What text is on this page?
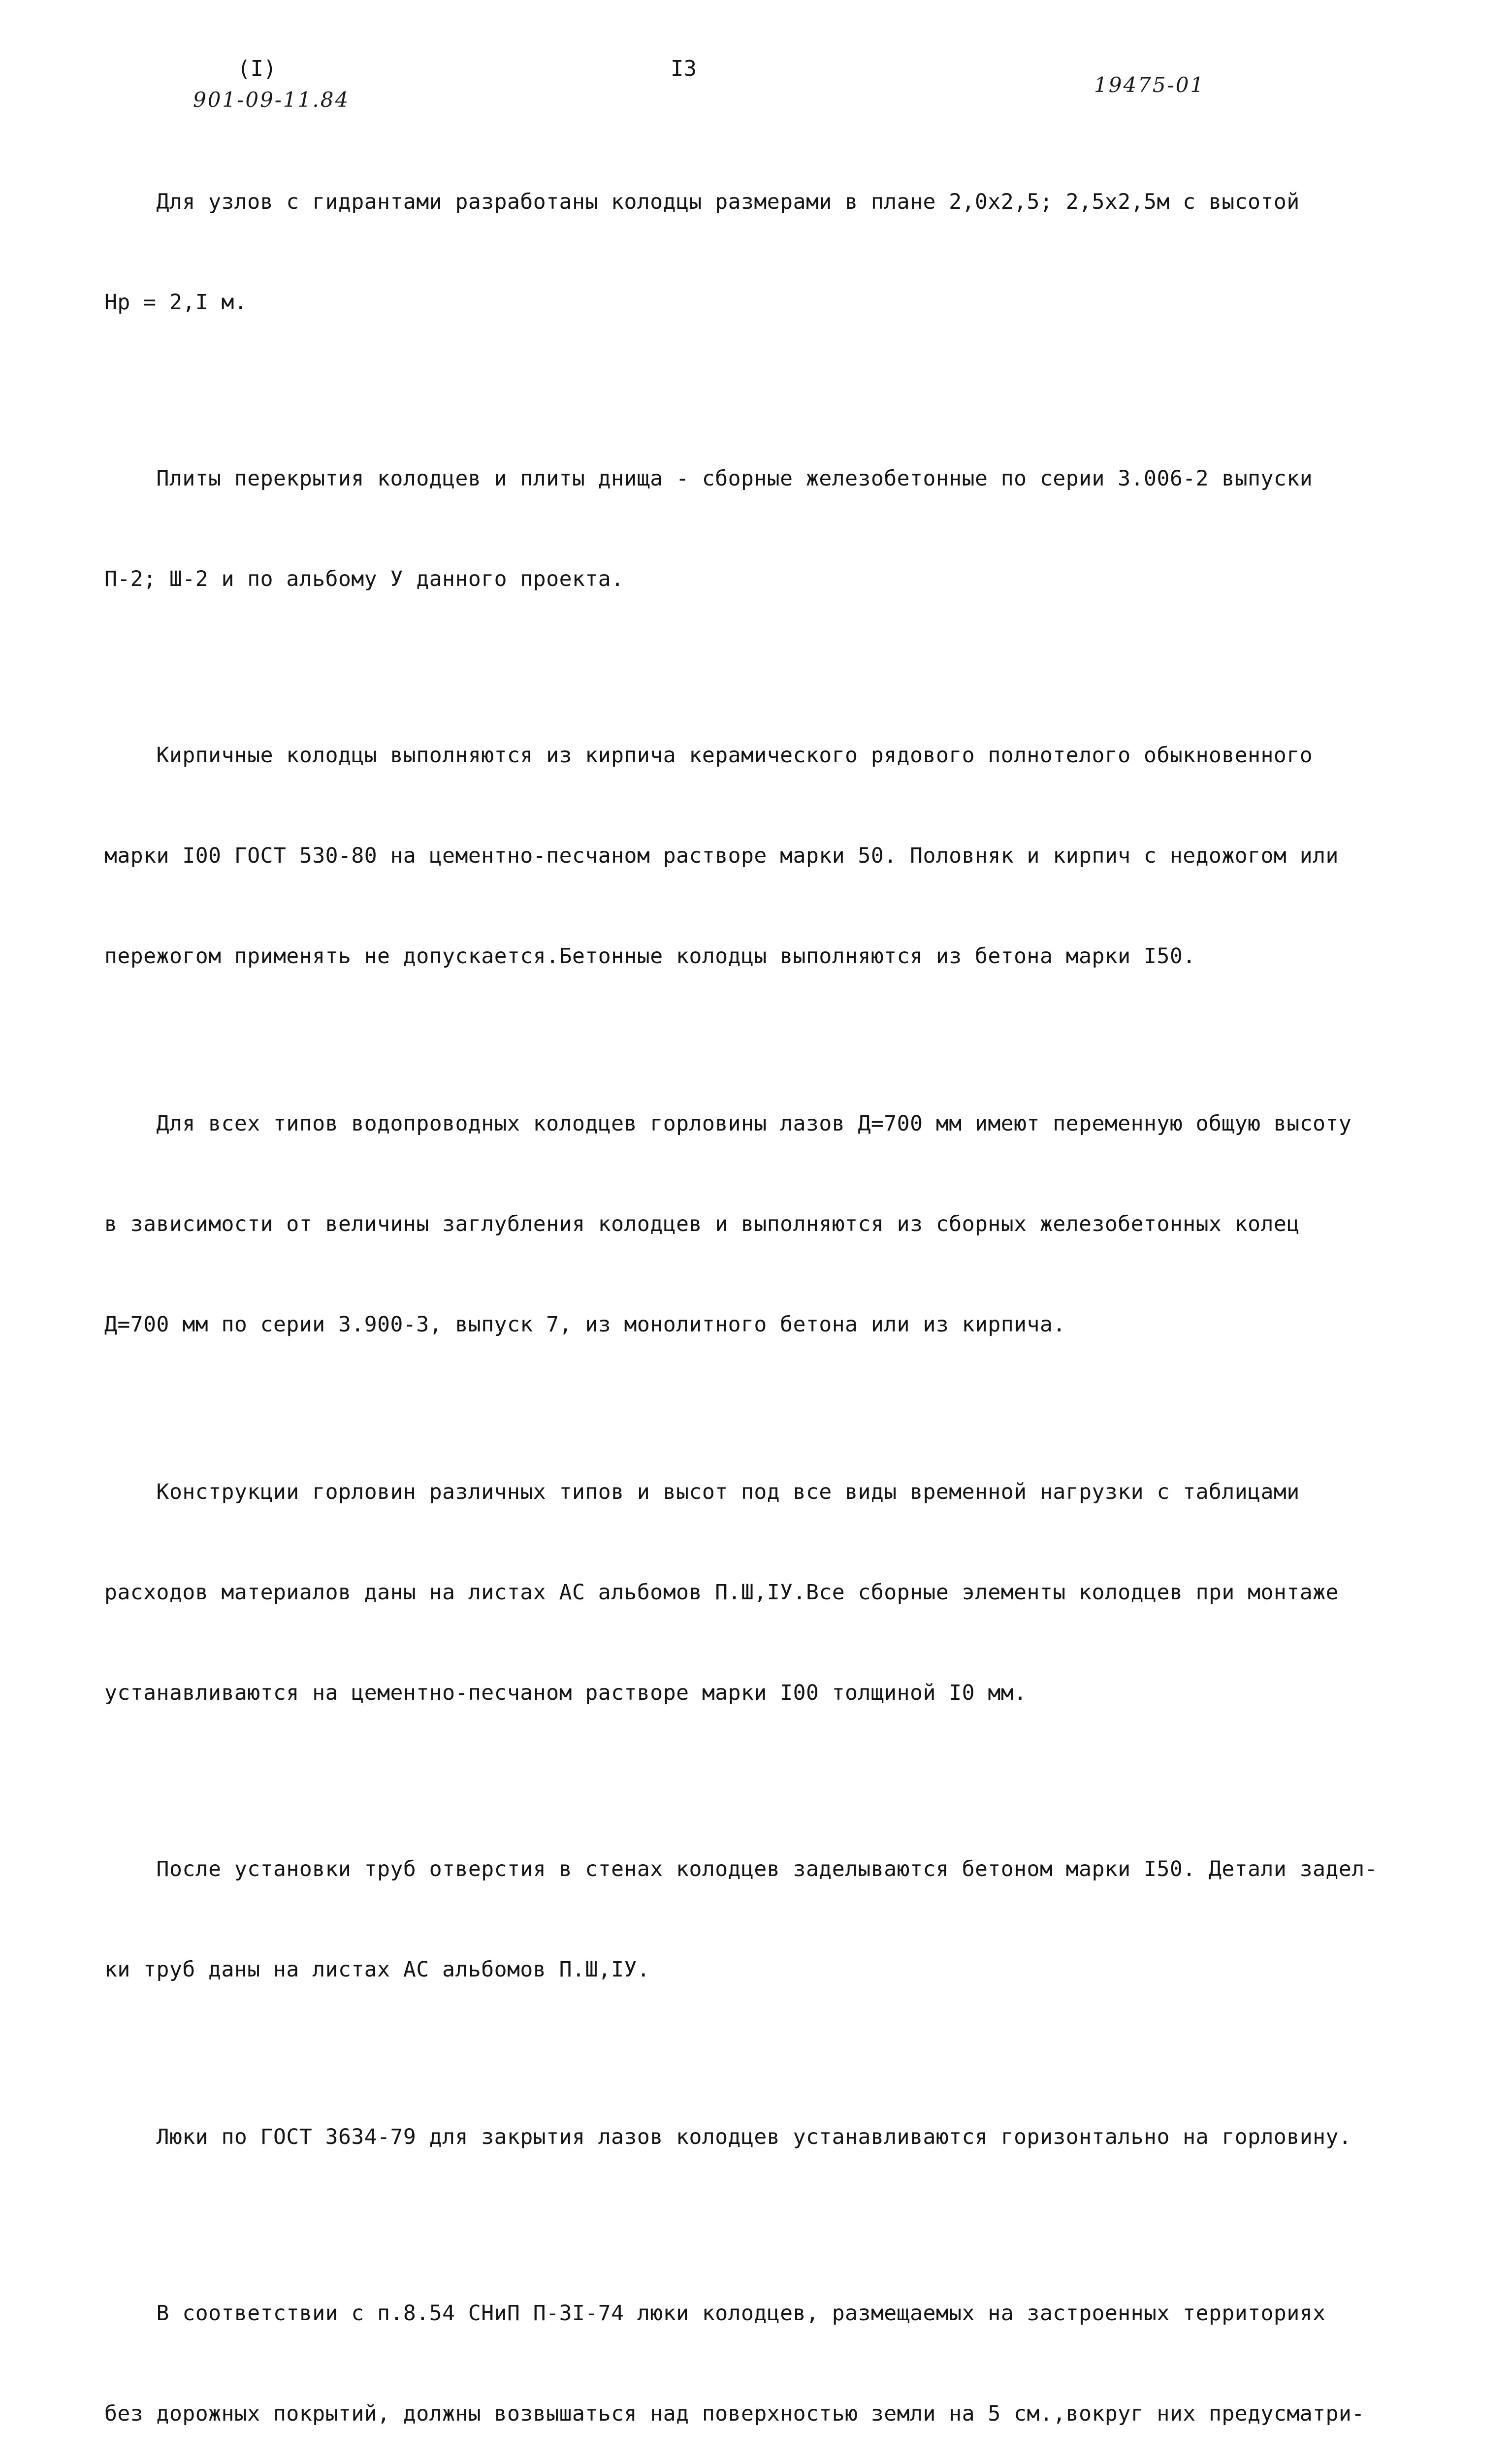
(I)	I3
901-09-11.84
19475-01

Для узлов с гидрантами разработаны колодцы размерами в плане 2,0х2,5; 2,5х2,5м с высотой

Нр = 2,I м.

Плиты перекрытия колодцев и плиты днища - сборные железобетонные по серии 3.006-2 выпуски

П-2; Ш-2 и по альбому У данного проекта.

Кирпичные колодцы выполняются из кирпича керамического рядового полнотелого обыкновенного

марки I00 ГОСТ 530-80 на цементно-песчаном растворе марки 50. Половняк и кирпич с недожогом или

пережогом применять не допускается.Бетонные колодцы выполняются из бетона марки I50.

Для всех типов водопроводных колодцев горловины лазов Д=700 мм имеют переменную общую высоту

в зависимости от величины заглубления колодцев и выполняются из сборных железобетонных колец

Д=700 мм по серии 3.900-3, выпуск 7, из монолитного бетона или из кирпича.

Конструкции горловин различных типов и высот под все виды временной нагрузки с таблицами

расходов материалов даны на листах АС альбомов П.Ш,IУ.Все сборные элементы колодцев при монтаже

устанавливаются на цементно-песчаном растворе марки I00 толщиной I0 мм.

После установки труб отверстия в стенах колодцев заделываются бетоном марки I50. Детали задел-

ки труб даны на листах АС альбомов П.Ш,IУ.

Люки по ГОСТ 3634-79 для закрытия лазов колодцев устанавливаются горизонтально на горловину.

В соответствии с п.8.54 СНиП П-3I-74 люки колодцев, размещаемых на застроенных территориях

без дорожных покрытий, должны возвышаться над поверхностью земли на 5 см.,вокруг них предусматри-
